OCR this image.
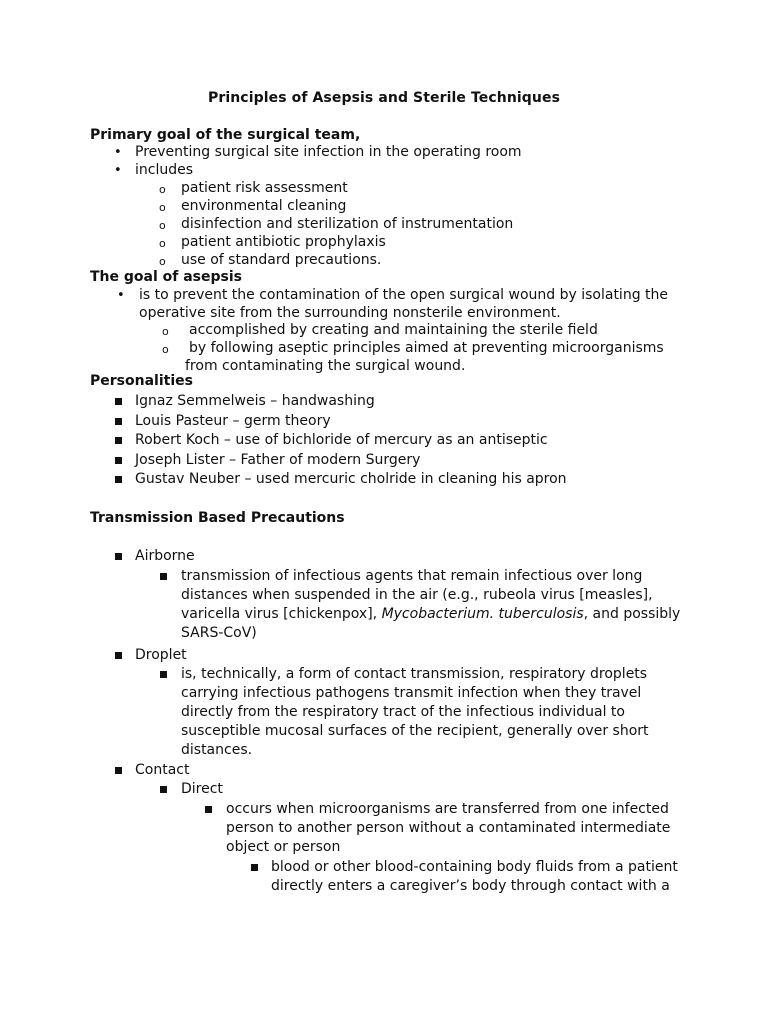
Principles of Asepsis and Sterile Techniques
Primary goal of the surgical team,
• Preventing surgical site infection in the operating room
• includes
o patient risk assessment
o environmental cleaning
o disinfection and sterilization of instrumentation
o patient antibiotic prophylaxis
o use of standard precautions.
The goal of asepsis
• is to prevent the contamination of the open surgical wound by isolating the
operative site from the surrounding nonsterile environment.
o accomplished by creating and maintaining the sterile field
o by following aseptic principles aimed at preventing microorganisms
from contaminating the surgical wound.
Personalities
Ignaz Semmelweis – handwashing
Louis Pasteur – germ theory
Robert Koch – use of bichloride of mercury as an antiseptic
Joseph Lister – Father of modern Surgery
Gustav Neuber – used mercuric cholride in cleaning his apron
Transmission Based Precautions
Airborne
transmission of infectious agents that remain infectious over long
distances when suspended in the air (e.g., rubeola virus [measles],
varicella virus [chickenpox], Mycobacterium. tuberculosis, and possibly
SARS-CoV)
Droplet
is, technically, a form of contact transmission, respiratory droplets
carrying infectious pathogens transmit infection when they travel
directly from the respiratory tract of the infectious individual to
susceptible mucosal surfaces of the recipient, generally over short
distances.
Contact
Direct
occurs when microorganisms are transferred from one infected
person to another person without a contaminated intermediate
object or person
blood or other blood-containing body fluids from a patient
directly enters a caregiver’s body through contact with a
